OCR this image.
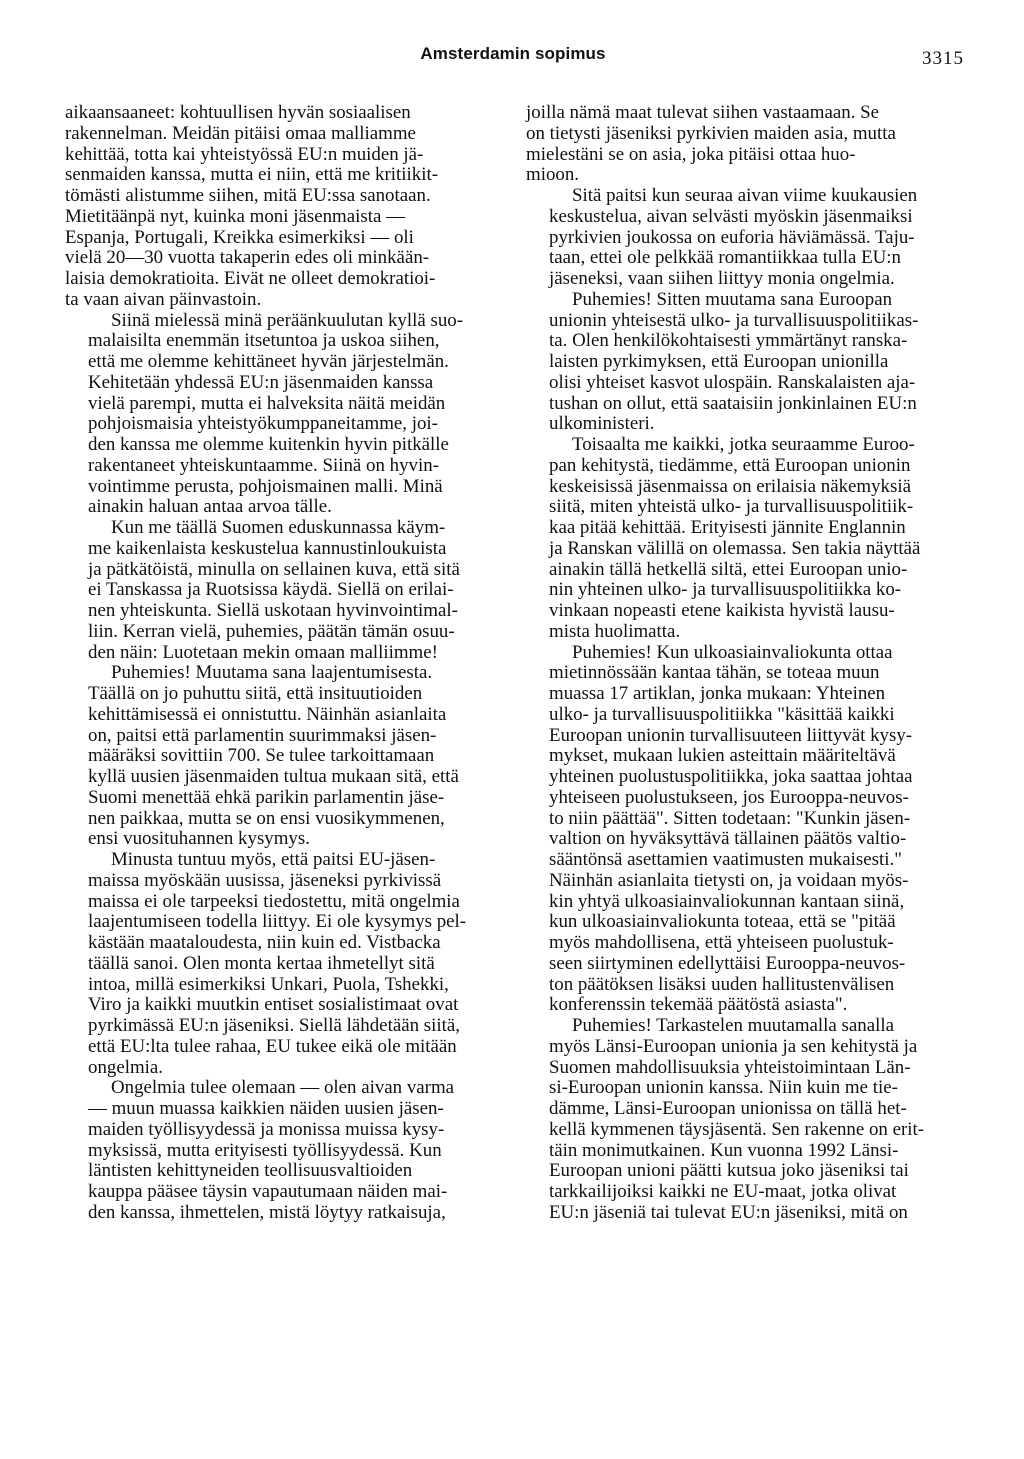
Amsterdamin sopimus	3315
aikaansaaneet: kohtuullisen hyvän sosiaalisen
rakennelman. Meidän pitäisi omaa malliamme
kehittää, totta kai yhteistyössä EU:n muiden jä-
senmaiden kanssa, mutta ei niin, että me kritiikit-
tömästi alistumme siihen, mitä EU:ssa sanotaan.
Mietitäänpä nyt, kuinka moni jäsenmaista —
Espanja, Portugali, Kreikka esimerkiksi — oli
vielä 20—30 vuotta takaperin edes oli minkään-
laisia demokratioita. Eivät ne olleet demokratioi-
ta vaan aivan päinvastoin.
Siinä mielessä minä peräänkuulutan kyllä suo-
malaisilta enemmän itsetuntoa ja uskoa siihen,
että me olemme kehittäneet hyvän järjestelmän.
Kehitetään yhdessä EU:n jäsenmaiden kanssa
vielä parempi, mutta ei halveksita näitä meidän
pohjoismaisia yhteistyökumppaneitamme, joi-
den kanssa me olemme kuitenkin hyvin pitkälle
rakentaneet yhteiskuntaamme. Siinä on hyvin-
vointimme perusta, pohjoismainen malli. Minä
ainakin haluan antaa arvoa tälle.
Kun me täällä Suomen eduskunnassa käym-
me kaikenlaista keskustelua kannustinloukuista
ja pätkätöistä, minulla on sellainen kuva, että sitä
ei Tanskassa ja Ruotsissa käydä. Siellä on erilai-
nen yhteiskunta. Siellä uskotaan hyvinvointimal-
liin. Kerran vielä, puhemies, päätän tämän osuu-
den näin: Luotetaan mekin omaan malliimme!
Puhemies! Muutama sana laajentumisesta.
Täällä on jo puhuttu siitä, että insituutioiden
kehittämisessä ei onnistuttu. Näinhän asianlaita
on, paitsi että parlamentin suurimmaksi jäsen-
määräksi sovittiin 700. Se tulee tarkoittamaan
kyllä uusien jäsenmaiden tultua mukaan sitä, että
Suomi menettää ehkä parikin parlamentin jäse-
nen paikkaa, mutta se on ensi vuosikymmenen,
ensi vuosituhannen kysymys.
Minusta tuntuu myös, että paitsi EU-jäsen-
maissa myöskään uusissa, jäseneksi pyrkivissä
maissa ei ole tarpeeksi tiedostettu, mitä ongelmia
laajentumiseen todella liittyy. Ei ole kysymys pel-
kästään maataloudesta, niin kuin ed. Vistbacka
täällä sanoi. Olen monta kertaa ihmetellyt sitä
intoa, millä esimerkiksi Unkari, Puola, Tshekki,
Viro ja kaikki muutkin entiset sosialistimaat ovat
pyrkimässä EU:n jäseniksi. Siellä lähdetään siitä,
että EU:lta tulee rahaa, EU tukee eikä ole mitään
ongelmia.
Ongelmia tulee olemaan — olen aivan varma
— muun muassa kaikkien näiden uusien jäsen-
maiden työllisyydessä ja monissa muissa kysy-
myksissä, mutta erityisesti työllisyydessä. Kun
läntisten kehittyneiden teollisuusvaltioiden
kauppa pääsee täysin vapautumaan näiden mai-
den kanssa, ihmettelen, mistä löytyy ratkaisuja,
joilla nämä maat tulevat siihen vastaamaan. Se
on tietysti jäseniksi pyrkivien maiden asia, mutta
mielestäni se on asia, joka pitäisi ottaa huo-
mioon.
Sitä paitsi kun seuraa aivan viime kuukausien
keskustelua, aivan selvästi myöskin jäsenmaiksi
pyrkivien joukossa on euforia häviämässä. Taju-
taan, ettei ole pelkkää romantiikkaa tulla EU:n
jäseneksi, vaan siihen liittyy monia ongelmia.
Puhemies! Sitten muutama sana Euroopan
unionin yhteisestä ulko- ja turvallisuuspolitiikas-
ta. Olen henkilökohtaisesti ymmärtänyt ranska-
laisten pyrkimyksen, että Euroopan unionilla
olisi yhteiset kasvot ulospäin. Ranskalaisten aja-
tushan on ollut, että saataisiin jonkinlainen EU:n
ulkoministeri.
Toisaalta me kaikki, jotka seuraamme Euroo-
pan kehitystä, tiedämme, että Euroopan unionin
keskeisissä jäsenmaissa on erilaisia näkemyksiä
siitä, miten yhteistä ulko- ja turvallisuuspolitiik-
kaa pitää kehittää. Erityisesti jännite Englannin
ja Ranskan välillä on olemassa. Sen takia näyttää
ainakin tällä hetkellä siltä, ettei Euroopan unio-
nin yhteinen ulko- ja turvallisuuspolitiikka ko-
vinkaan nopeasti etene kaikista hyvistä lausu-
mista huolimatta.
Puhemies! Kun ulkoasiainvaliokunta ottaa
mietinnössään kantaa tähän, se toteaa muun
muassa 17 artiklan, jonka mukaan: Yhteinen
ulko- ja turvallisuuspolitiikka "käsittää kaikki
Euroopan unionin turvallisuuteen liittyvät kysy-
mykset, mukaan lukien asteittain määriteltävä
yhteinen puolustuspolitiikka, joka saattaa johtaa
yhteiseen puolustukseen, jos Eurooppa-neuvos-
to niin päättää". Sitten todetaan: "Kunkin jäsen-
valtion on hyväksyttävä tällainen päätös valtio-
sääntönsä asettamien vaatimusten mukaisesti."
Näinhän asianlaita tietysti on, ja voidaan myös-
kin yhtyä ulkoasiainvaliokunnan kantaan siinä,
kun ulkoasiainvaliokunta toteaa, että se "pitää
myös mahdollisena, että yhteiseen puolustuk-
seen siirtyminen edellyttäisi Eurooppa-neuvos-
ton päätöksen lisäksi uuden hallitustenvälisen
konferenssin tekemää päätöstä asiasta".
Puhemies! Tarkastelen muutamalla sanalla
myös Länsi-Euroopan unionia ja sen kehitystä ja
Suomen mahdollisuuksia yhteistoimintaan Län-
si-Euroopan unionin kanssa. Niin kuin me tie-
dämme, Länsi-Euroopan unionissa on tällä het-
kellä kymmenen täysjäsentä. Sen rakenne on erit-
täin monimutkainen. Kun vuonna 1992 Länsi-
Euroopan unioni päätti kutsua joko jäseniksi tai
tarkkailijoiksi kaikki ne EU-maat, jotka olivat
EU:n jäseniä tai tulevat EU:n jäseniksi, mitä on
